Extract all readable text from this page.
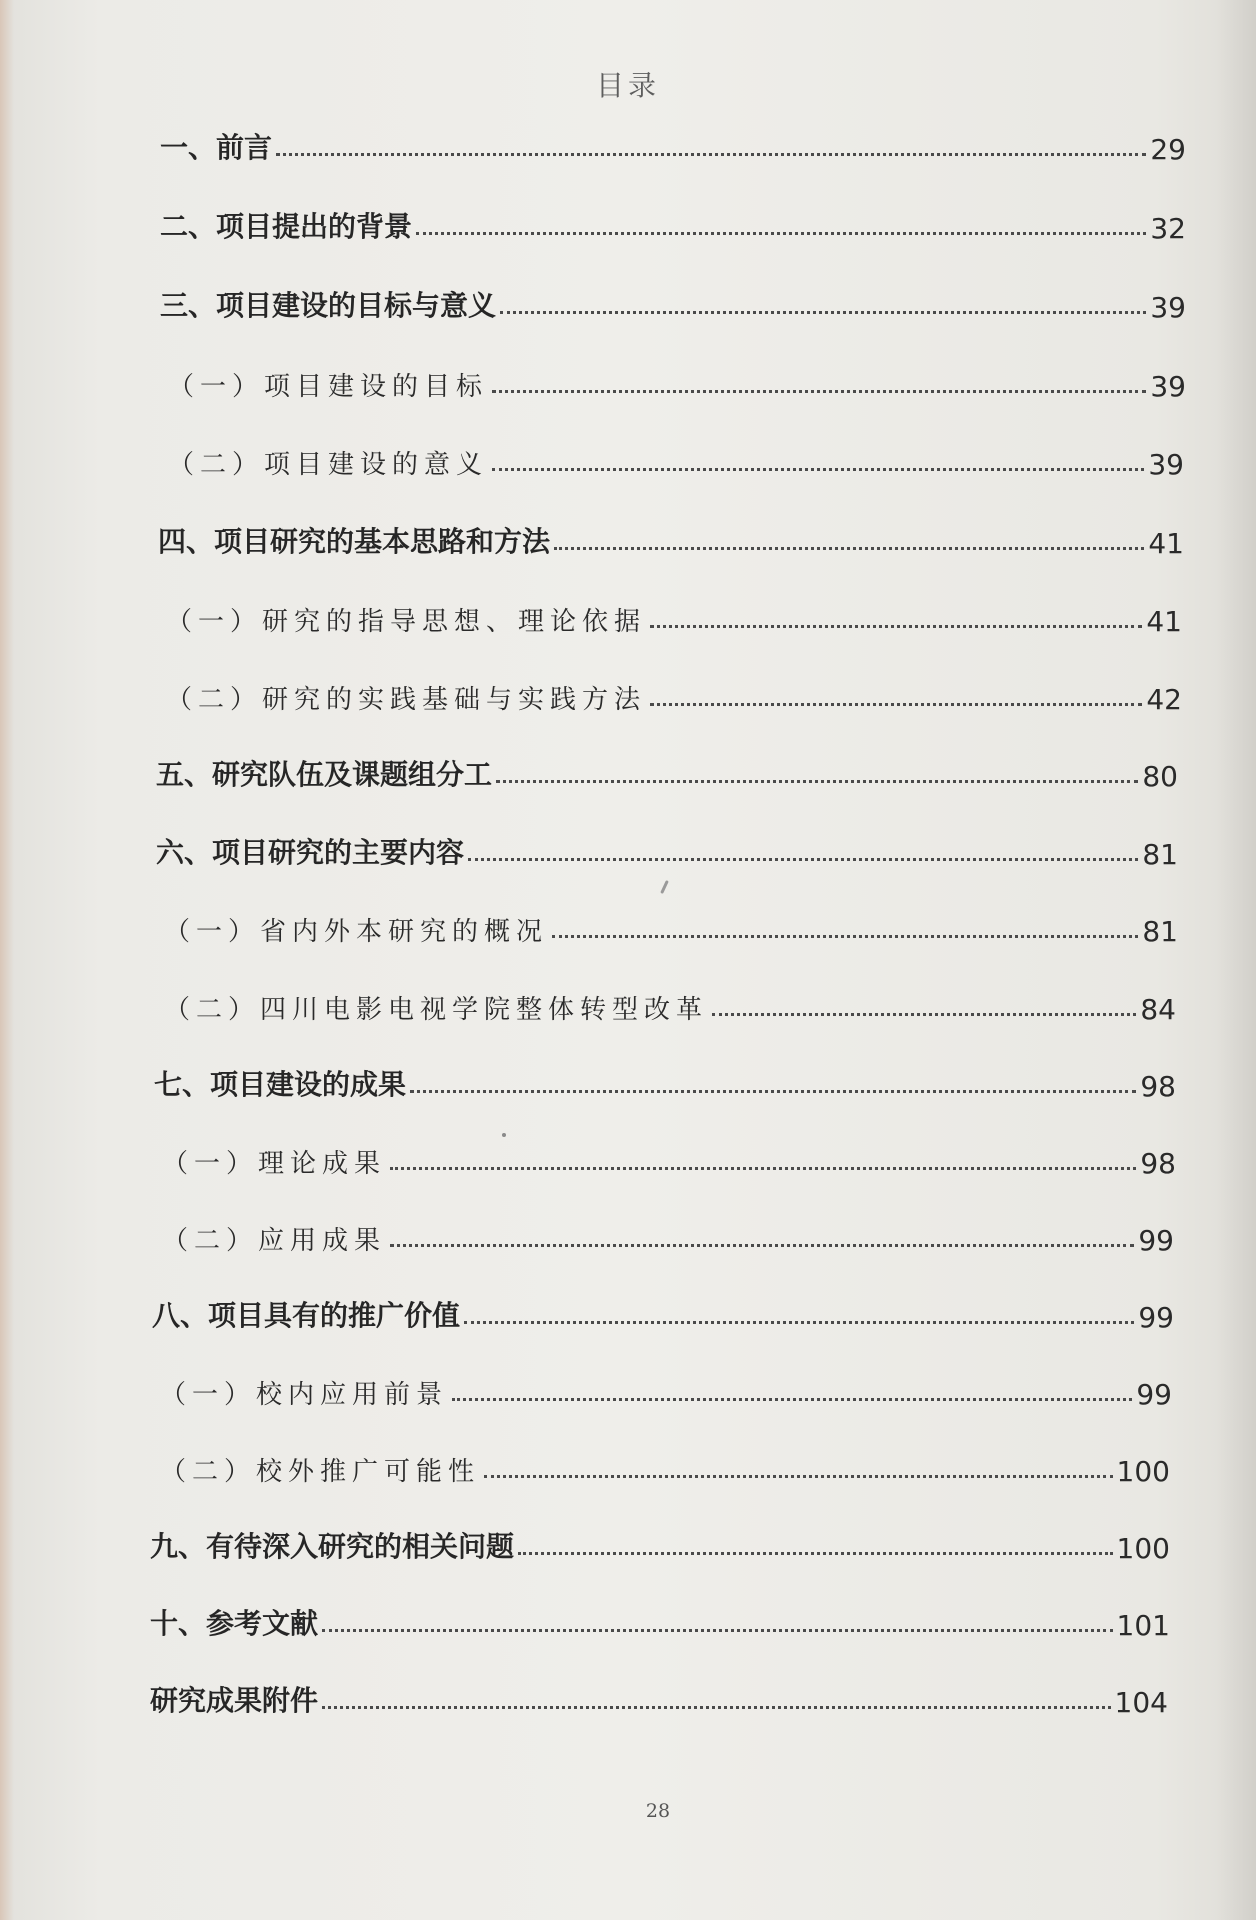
目录
一、前言	29
二、项目提出的背景	32
三、项目建设的目标与意义	39
（一）项目建设的目标	39
（二）项目建设的意义	39
四、项目研究的基本思路和方法	41
（一）研究的指导思想、理论依据	41
（二）研究的实践基础与实践方法	42
五、研究队伍及课题组分工	80
六、项目研究的主要内容	81
（一）省内外本研究的概况	81
（二）四川电影电视学院整体转型改革	84
七、项目建设的成果	98
（一）理论成果	98
（二）应用成果	99
八、项目具有的推广价值	99
（一）校内应用前景	99
（二）校外推广可能性	100
九、有待深入研究的相关问题	100
十、参考文献	101
研究成果附件	104
28
